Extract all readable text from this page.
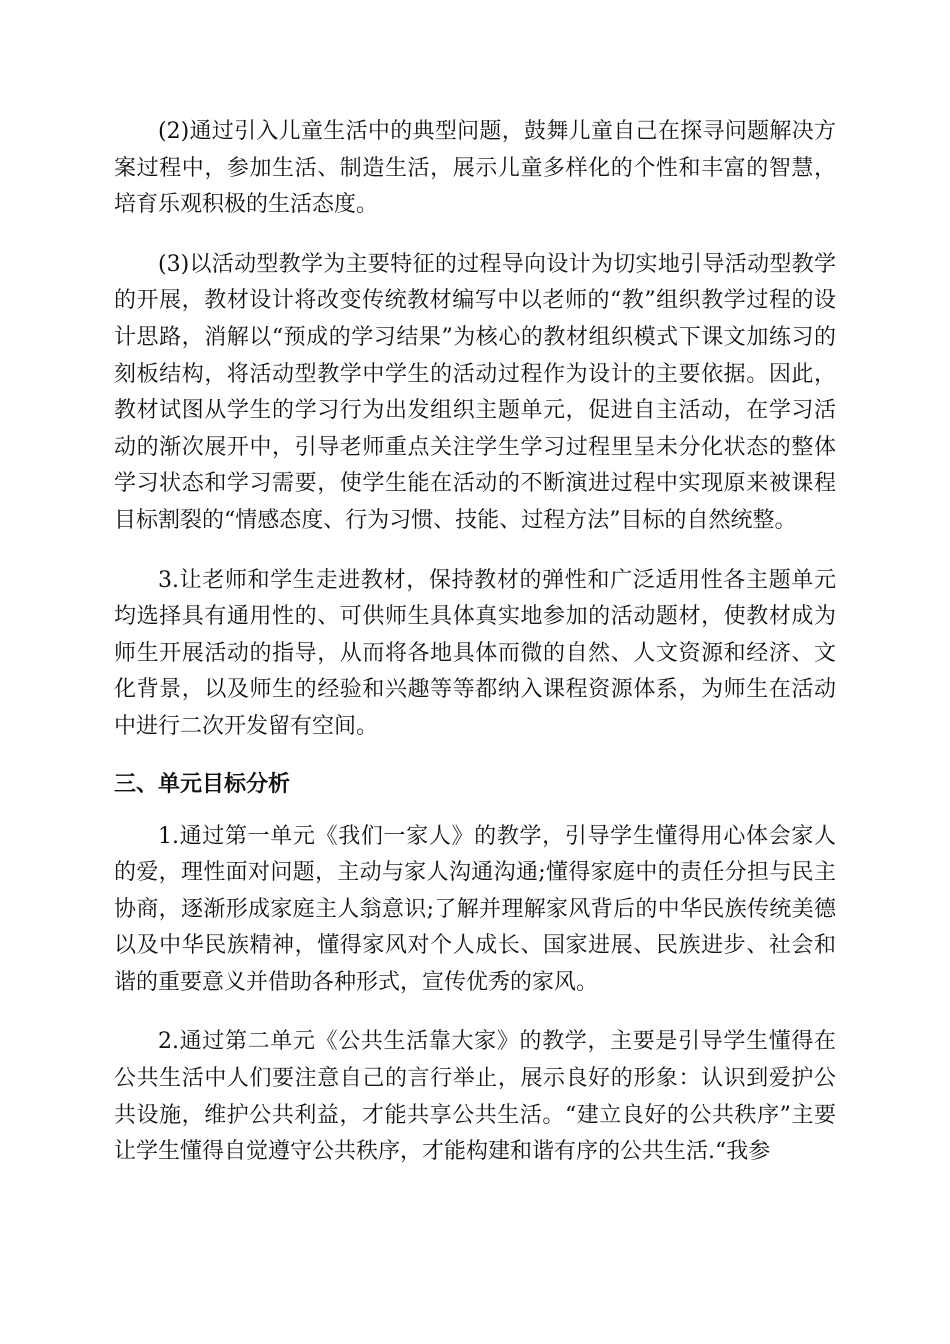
(2)通过引入儿童生活中的典型问题，鼓舞儿童自己在探寻问题解决方案过程中，参加生活、制造生活，展示儿童多样化的个性和丰富的智慧，培育乐观积极的生活态度。

(3)以活动型教学为主要特征的过程导向设计为切实地引导活动型教学的开展，教材设计将改变传统教材编写中以老师的“教”组织教学过程的设计思路，消解以“预成的学习结果”为核心的教材组织模式下课文加练习的刻板结构，将活动型教学中学生的活动过程作为设计的主要依据。因此，教材试图从学生的学习行为出发组织主题单元，促进自主活动，在学习活动的渐次展开中，引导老师重点关注学生学习过程里呈未分化状态的整体学习状态和学习需要，使学生能在活动的不断演进过程中实现原来被课程目标割裂的“情感态度、行为习惯、技能、过程方法”目标的自然统整。

3.让老师和学生走进教材，保持教材的弹性和广泛适用性各主题单元均选择具有通用性的、可供师生具体真实地参加的活动题材，使教材成为师生开展活动的指导，从而将各地具体而微的自然、人文资源和经济、文化背景，以及师生的经验和兴趣等等都纳入课程资源体系，为师生在活动中进行二次开发留有空间。

三、单元目标分析

1.通过第一单元《我们一家人》的教学，引导学生懂得用心体会家人的爱，理性面对问题，主动与家人沟通沟通;懂得家庭中的责任分担与民主协商，逐渐形成家庭主人翁意识;了解并理解家风背后的中华民族传统美德以及中华民族精神，懂得家风对个人成长、国家进展、民族进步、社会和谐的重要意义并借助各种形式，宣传优秀的家风。

2.通过第二单元《公共生活靠大家》的教学，主要是引导学生懂得在公共生活中人们要注意自己的言行举止，展示良好的形象：认识到爱护公共设施，维护公共利益，才能共享公共生活。“建立良好的公共秩序”主要让学生懂得自觉遵守公共秩序，才能构建和谐有序的公共生活.“我参
